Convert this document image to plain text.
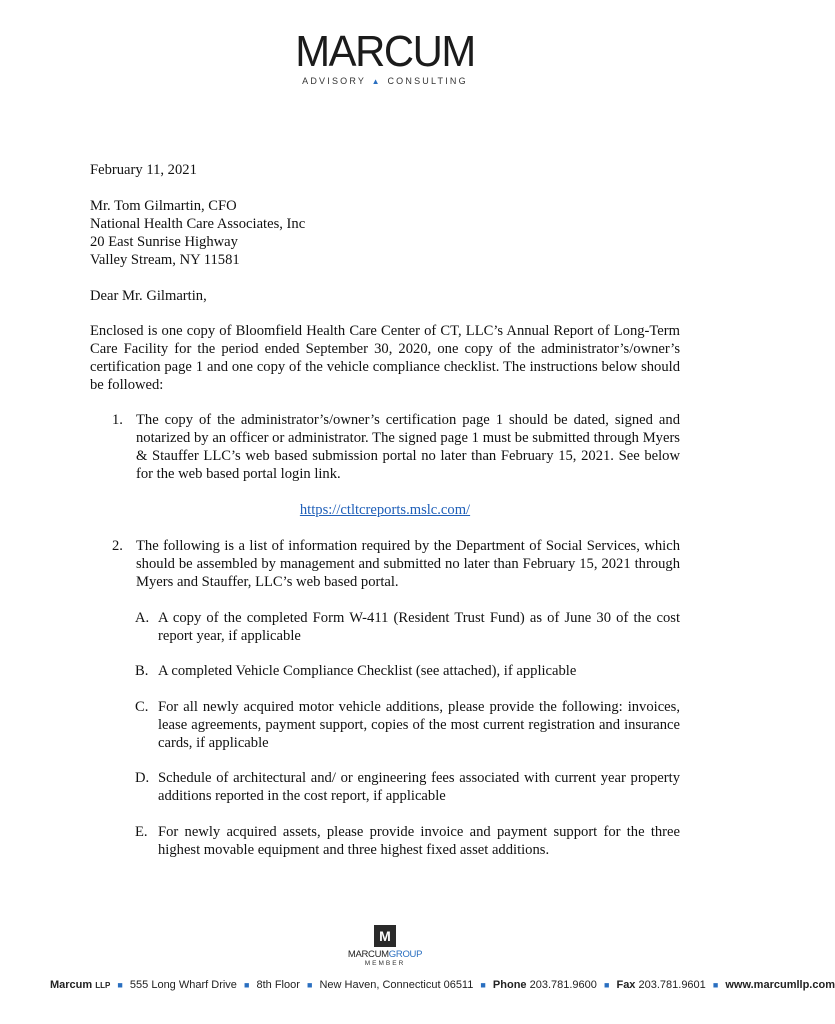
MARCUM
ADVISORY ▲ CONSULTING
February 11, 2021
Mr. Tom Gilmartin, CFO
National Health Care Associates, Inc
20 East Sunrise Highway
Valley Stream, NY 11581
Dear Mr. Gilmartin,
Enclosed is one copy of Bloomfield Health Care Center of CT, LLC’s Annual Report of Long-Term Care Facility for the period ended September 30, 2020, one copy of the administrator’s/owner’s certification page 1 and one copy of the vehicle compliance checklist. The instructions below should be followed:
1. The copy of the administrator’s/owner’s certification page 1 should be dated, signed and notarized by an officer or administrator. The signed page 1 must be submitted through Myers & Stauffer LLC’s web based submission portal no later than February 15, 2021. See below for the web based portal login link.
https://ctltcreports.mslc.com/
2. The following is a list of information required by the Department of Social Services, which should be assembled by management and submitted no later than February 15, 2021 through Myers and Stauffer, LLC’s web based portal.
A. A copy of the completed Form W-411 (Resident Trust Fund) as of June 30 of the cost report year, if applicable
B. A completed Vehicle Compliance Checklist (see attached), if applicable
C. For all newly acquired motor vehicle additions, please provide the following: invoices, lease agreements, payment support, copies of the most current registration and insurance cards, if applicable
D. Schedule of architectural and/ or engineering fees associated with current year property additions reported in the cost report, if applicable
E. For newly acquired assets, please provide invoice and payment support for the three highest movable equipment and three highest fixed asset additions.
M
MARCUMGROUP
MEMBER
Marcum LLP ■ 555 Long Wharf Drive ■ 8th Floor ■ New Haven, Connecticut 06511 ■ Phone 203.781.9600 ■ Fax 203.781.9601 ■ www.marcumllp.com
